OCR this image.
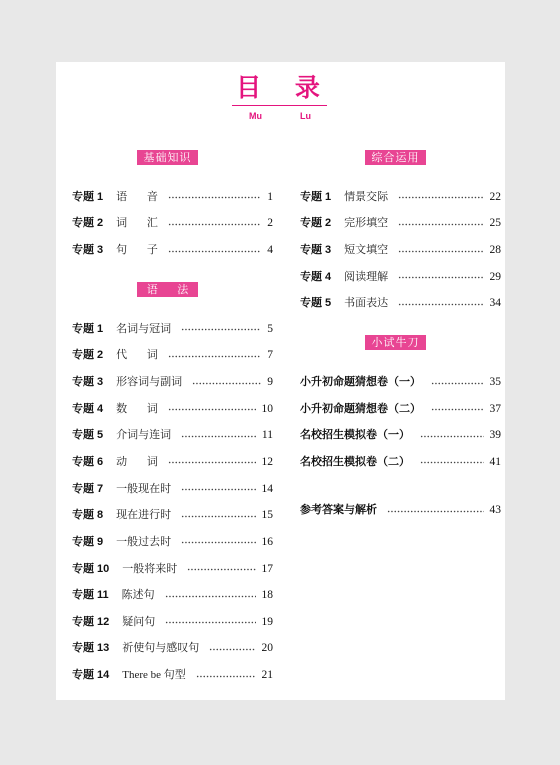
目 录
Mu	Lu
基础知识
专题 1 语 音	1
专题 2 词 汇	2
专题 3 句 子	4
语 法
专题 1 名词与冠词	5
专题 2 代 词	7
专题 3 形容词与副词	9
专题 4 数 词	10
专题 5 介词与连词	11
专题 6 动 词	12
专题 7 一般现在时	14
专题 8 现在进行时	15
专题 9 一般过去时	16
专题 10 一般将来时	17
专题 11 陈述句	18
专题 12 疑问句	19
专题 13 祈使句与感叹句	20
专题 14 There be 句型	21
综合运用
专题 1 情景交际	22
专题 2 完形填空	25
专题 3 短文填空	28
专题 4 阅读理解	29
专题 5 书面表达	34
小试牛刀
小升初命题猜想卷（一）	35
小升初命题猜想卷（二）	37
名校招生模拟卷（一）	39
名校招生模拟卷（二）	41
参考答案与解析	43
